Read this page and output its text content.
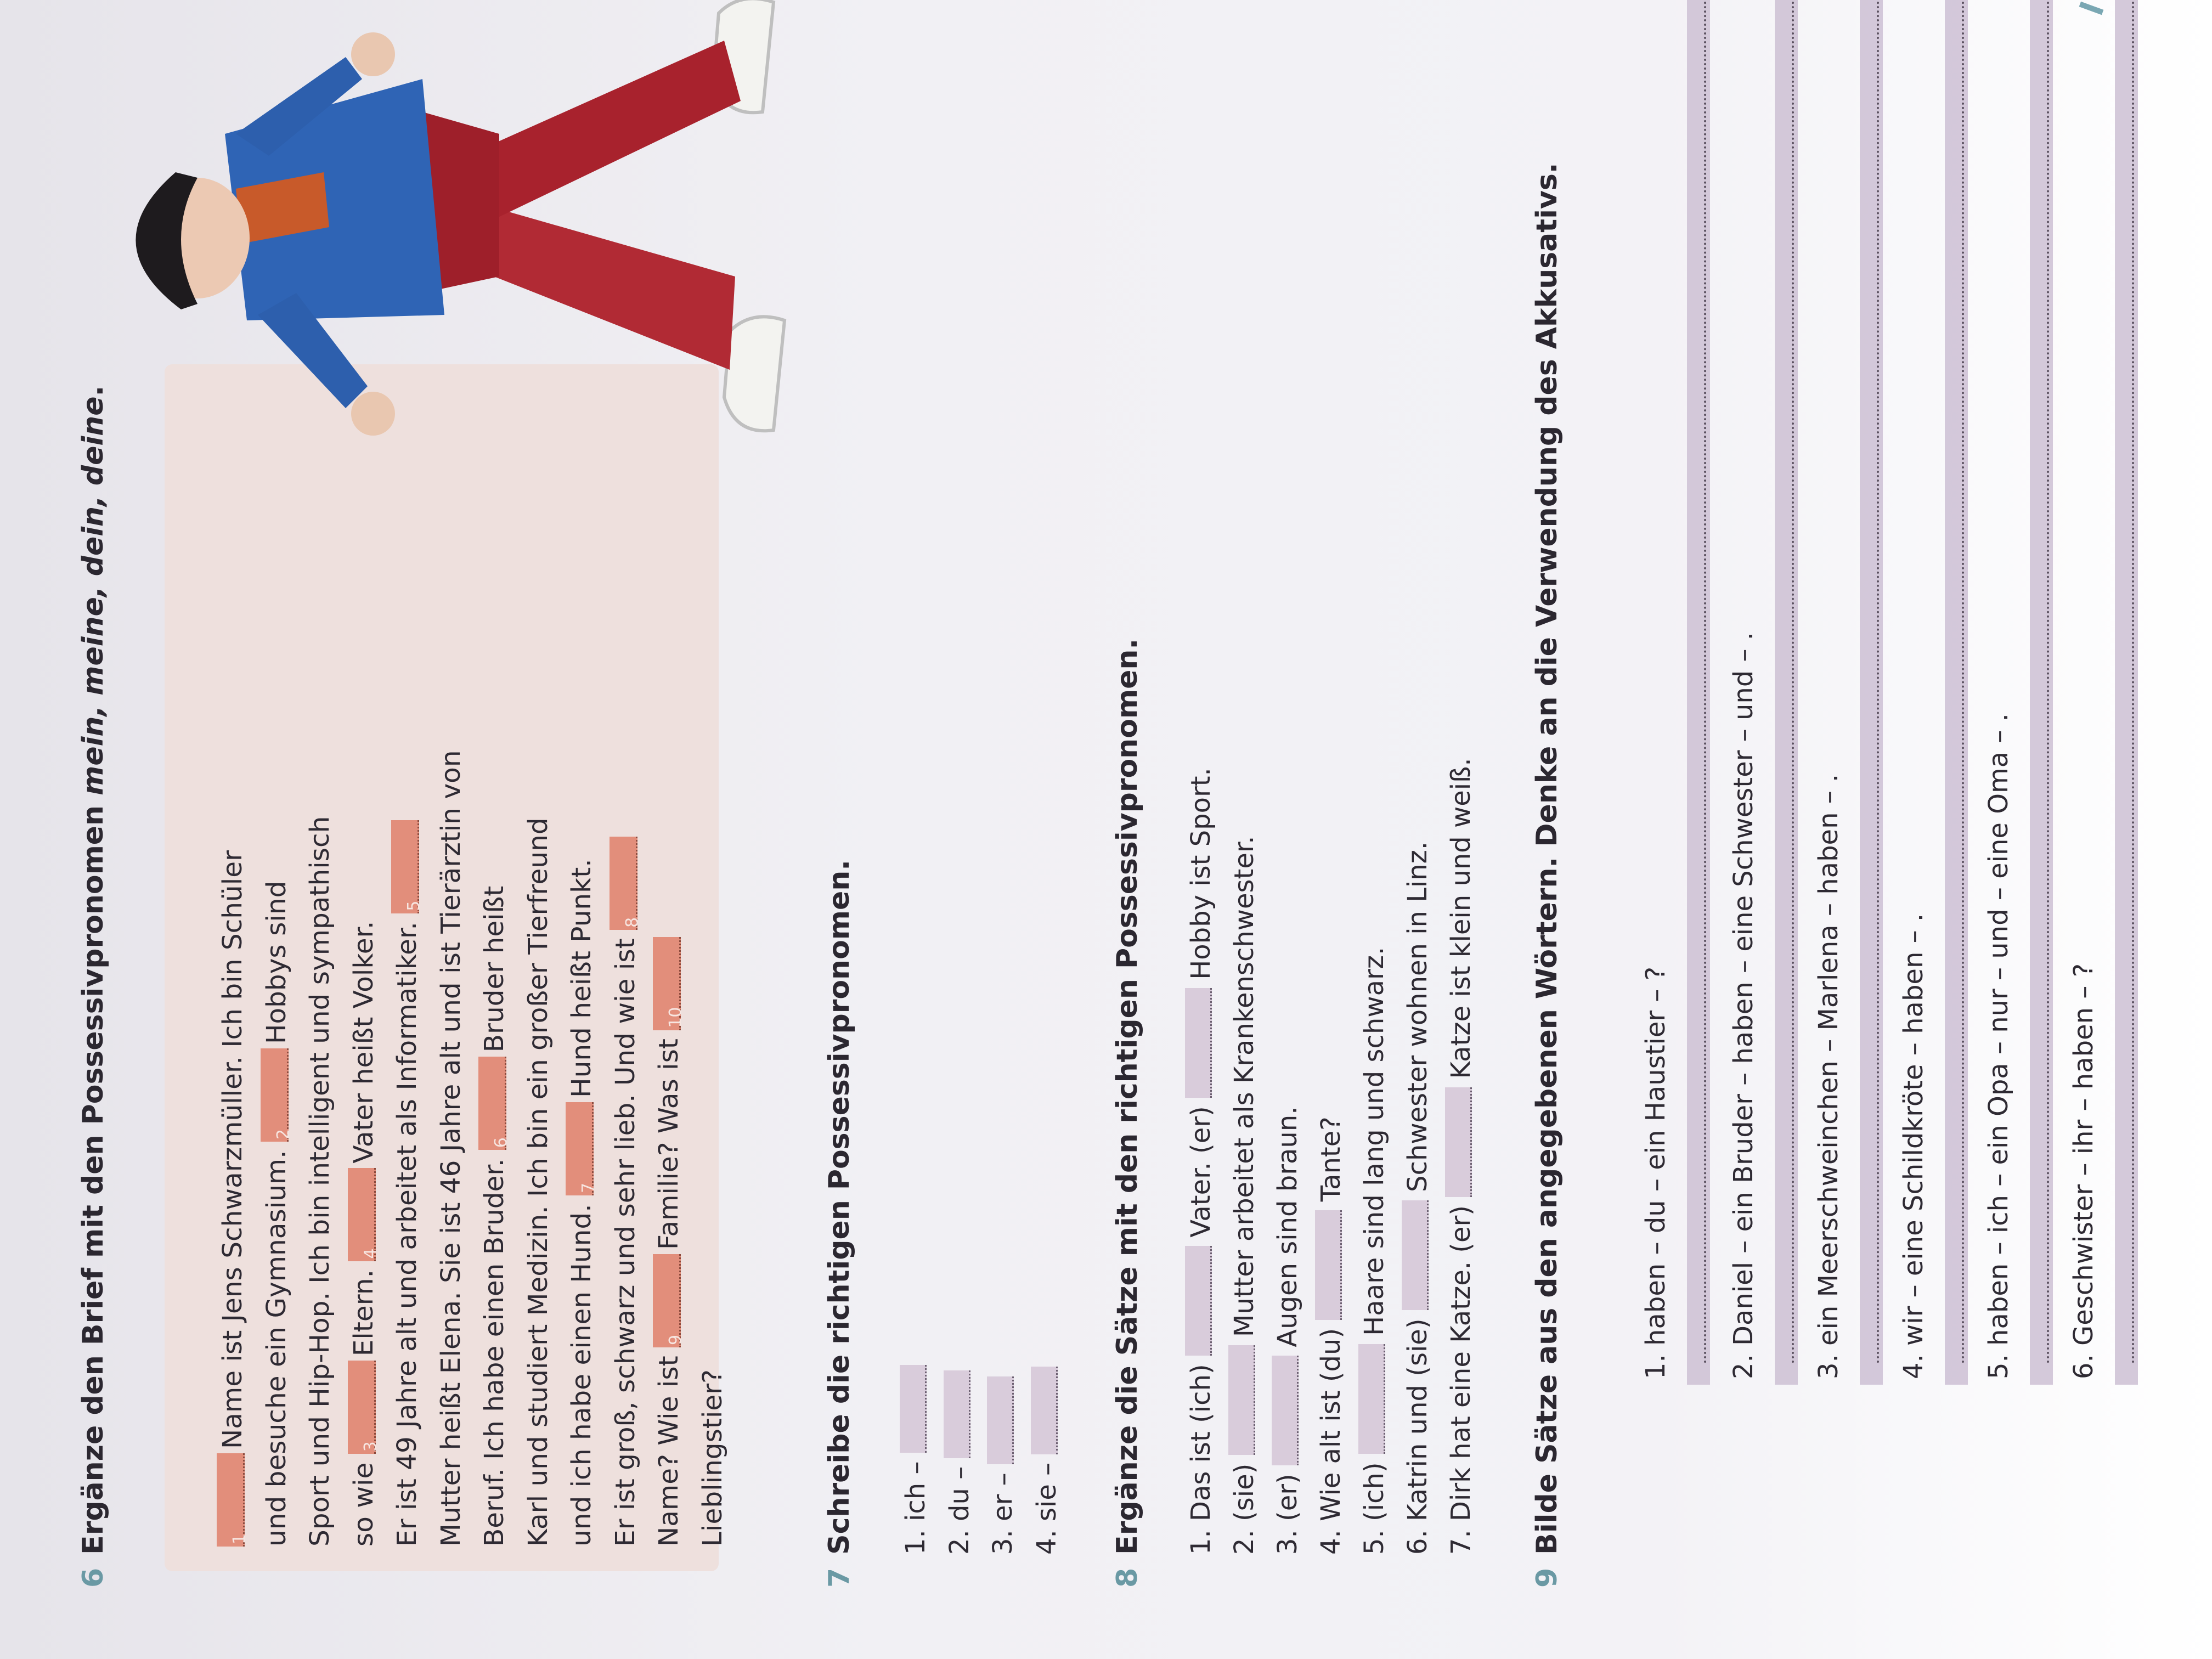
6Ergänze den Brief mit den Possessivpronomen mein, meine, dein, deine.
1
Name ist Jens Schwarzmüller. Ich bin Schüler und besuche ein Gymnasium.
2
Hobbys sind Sport und Hip-Hop. Ich bin intelligent und sympathisch so wie
3
Eltern.
4
Vater heißt Volker. Er ist 49 Jahre alt und arbeitet als Informatiker.
5 Mutter heißt Elena. Sie ist 46 Jahre alt und ist Tierärztin von Beruf. Ich habe einen Bruder.
6
Bruder heißt Karl und studiert Medizin. Ich bin ein großer Tierfreund und ich habe einen Hund.
7
Hund heißt Punkt. Er ist groß, schwarz und sehr lieb. Und wie ist
8
Name? Wie ist
9
Familie? Was ist
10
Lieblingstier?

7Schreibe die richtigen Possessivpronomen. 1. ich – 2. du – 3. er – 4. sie –
8Ergänze die Sätze mit den richtigen Possessivpronomen. 1. Das ist (ich)  Vater. (er)  Hobby ist Sport.
2. (sie)  Mutter arbeitet als Krankenschwester.
3. (er)  Augen sind braun.
4. Wie alt ist (du)  Tante?
5. (ich)  Haare sind lang und schwarz.
6. Katrin und (sie)  Schwester wohnen in Linz.
7. Dirk hat eine Katze. (er)  Katze ist klein und weiß.
9Bilde Sätze aus den angegebenen Wörtern. Denke an die Verwendung des Akkusativs.	1. haben – du – ein Haustier – ? 2. Daniel – ein Bruder – haben – eine Schwester – und – . 3. ein Meerschweinchen – Marlena – haben – . 4. wir – eine Schildkröte – haben – . 5. haben – ich – ein Opa – nur – und – eine Oma – . 6. Geschwister – ihr – haben – ?
